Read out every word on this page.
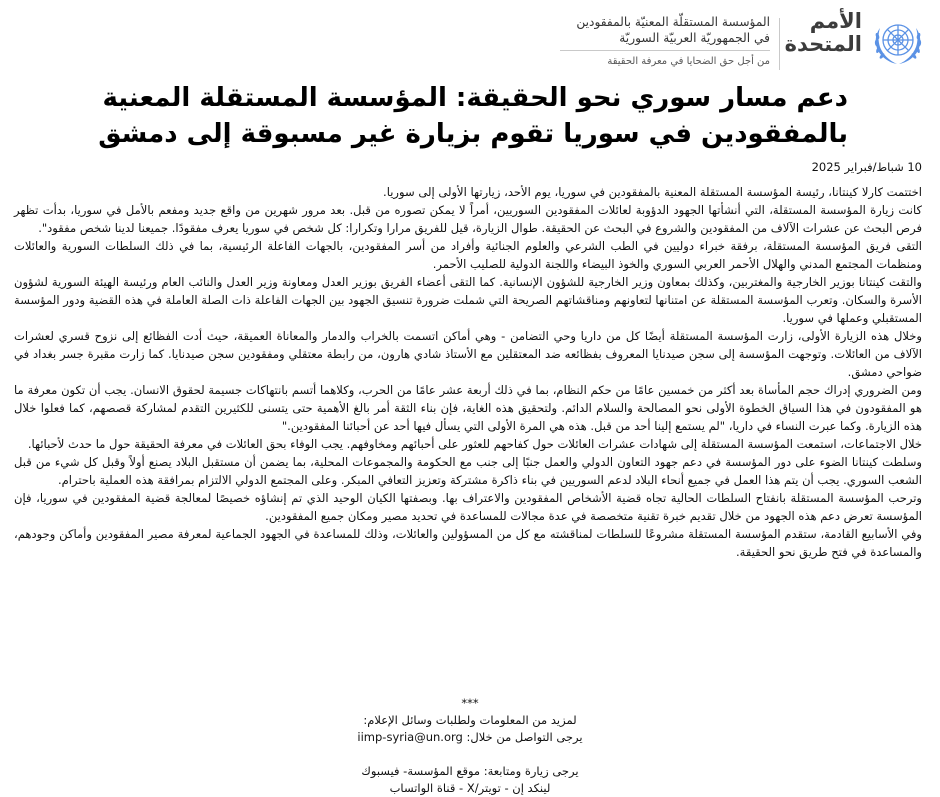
الأمم
المتحدة
المؤسسة المستقلّة المعنيّة بالمفقودين
في الجمهوريّة العربيّة السوريّة
من أجل حق الضحايا في معرفة الحقيقة
دعم مسار سوري نحو الحقيقة: المؤسسة المستقلة المعنية
بالمفقودين في سوريا تقوم بزيارة غير مسبوقة إلى دمشق
10 شباط/فبراير 2025

اختتمت كارلا كينتانا، رئيسة المؤسسة المستقلة المعنية بالمفقودين في سوريا، يوم الأحد، زيارتها الأولى إلى سوريا.

كانت زيارة المؤسسة المستقلة، التي أنشأتها الجهود الدؤوبة لعائلات المفقودين السوريين، أمراً لا يمكن تصوره من قبل. بعد مرور شهرين من واقع جديد ومفعم بالأمل في سوريا، بدأت تظهر فرص البحث عن عشرات الآلاف من المفقودين والشروع في البحث عن الحقيقة. طوال الزيارة، قيل للفريق مرارا وتكرارا: كل شخص في سوريا يعرف مفقودًا. جميعنا لدينا شخص مفقود".

التقى فريق المؤسسة المستقلة، برفقة خبراء دوليين في الطب الشرعي والعلوم الجنائية وأفراد من أسر المفقودين، بالجهات الفاعلة الرئيسية، بما في ذلك السلطات السورية والعائلات ومنظمات المجتمع المدني والهلال الأحمر العربي السوري والخوذ البيضاء واللجنة الدولية للصليب الأحمر.

والتقت كينتانا بوزير الخارجية والمغتربين، وكذلك بمعاون وزير الخارجية للشؤون الإنسانية. كما التقى أعضاء الفريق بوزير العدل ومعاونة وزير العدل والنائب العام ورئيسة الهيئة السورية لشؤون الأسرة والسكان. وتعرب المؤسسة المستقلة عن امتنانها لتعاونهم ومناقشاتهم الصريحة التي شملت ضرورة تنسيق الجهود بين الجهات الفاعلة ذات الصلة العاملة في هذه القضية ودور المؤسسة المستقبلي وعملها في سوريا.

وخلال هذه الزيارة الأولى، زارت المؤسسة المستقلة أيضًا كل من داريا وحي التضامن - وهي أماكن اتسمت بالخراب والدمار والمعاناة العميقة، حيث أدت الفظائع إلى نزوح قسري لعشرات الآلاف من العائلات. وتوجهت المؤسسة إلى سجن صيدنايا المعروف بفظائعه ضد المعتقلين مع الأستاذ شادي هارون، من رابطة معتقلي ومفقودين سجن صيدنايا. كما زارت مقبرة جسر بغداد في ضواحي دمشق.

ومن الضروري إدراك حجم المأساة بعد أكثر من خمسين عامًا من حكم النظام، بما في ذلك أربعة عشر عامًا من الحرب، وكلاهما أتسم بانتهاكات جسيمة لحقوق الانسان. يجب أن تكون معرفة ما هو المفقودون في هذا السياق الخطوة الأولى نحو المصالحة والسلام الدائم. ولتحقيق هذه الغاية، فإن بناء الثقة أمر بالغ الأهمية حتى يتسنى للكثيرين التقدم لمشاركة قصصهم، كما فعلوا خلال هذه الزيارة. وكما عبرت النساء في داريا، "لم يستمع إلينا أحد من قبل. هذه هي المرة الأولى التي يسأل فيها أحد عن أحبائنا المفقودين."

خلال الاجتماعات، استمعت المؤسسة المستقلة إلى شهادات عشرات العائلات حول كفاحهم للعثور على أحبائهم ومخاوفهم. يجب الوفاء بحق العائلات في معرفة الحقيقة حول ما حدث لأحبائها.

وسلطت كينتانا الضوء على دور المؤسسة في دعم جهود التعاون الدولي والعمل جنبًا إلى جنب مع الحكومة والمجموعات المحلية، بما يضمن أن مستقبل البلاد يصنع أولاً وقبل كل شيء من قبل الشعب السوري. يجب أن يتم هذا العمل في جميع أنحاء البلاد لدعم السوريين في بناء ذاكرة مشتركة وتعزيز التعافي المبكر. وعلى المجتمع الدولي الالتزام بمرافقة هذه العملية باحترام.

وترحب المؤسسة المستقلة بانفتاح السلطات الحالية تجاه قضية الأشخاص المفقودين والاعتراف بها. وبصفتها الكيان الوحيد الذي تم إنشاؤه خصيصًا لمعالجة قضية المفقودين في سوريا، فإن المؤسسة تعرض دعم هذه الجهود من خلال تقديم خبرة تقنية متخصصة في عدة مجالات للمساعدة في تحديد مصير ومكان جميع المفقودين.

وفي الأسابيع القادمة، ستقدم المؤسسة المستقلة مشروعًا للسلطات لمناقشته مع كل من المسؤولين والعائلات، وذلك للمساعدة في الجهود الجماعية لمعرفة مصير المفقودين وأماكن وجودهم، والمساعدة في فتح طريق نحو الحقيقة.

***
لمزيد من المعلومات ولطلبات وسائل الإعلام:
يرجى التواصل من خلال: iimp-syria@un.org
يرجى زيارة ومتابعة: موقع المؤسسة- فيسبوك
لينكد إن - تويتر/X - قناة الواتساب
